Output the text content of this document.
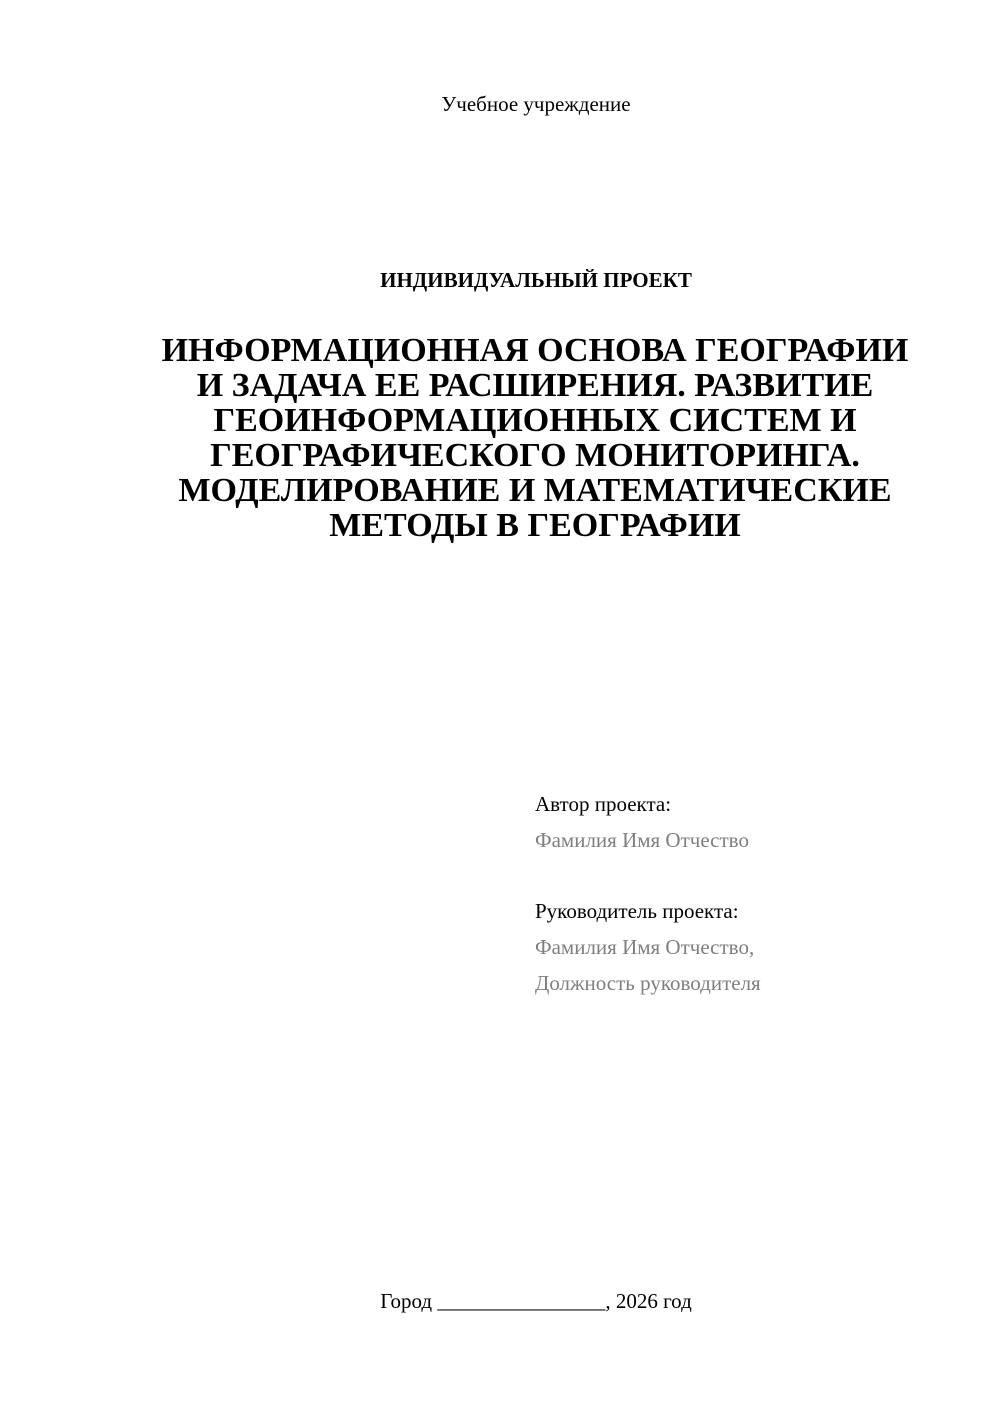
Учебное учреждение
ИНДИВИДУАЛЬНЫЙ ПРОЕКТ
ИНФОРМАЦИОННАЯ ОСНОВА ГЕОГРАФИИ И ЗАДАЧА ЕЕ РАСШИРЕНИЯ. РАЗВИТИЕ ГЕОИНФОРМАЦИОННЫХ СИСТЕМ И ГЕОГРАФИЧЕСКОГО МОНИТОРИНГА. МОДЕЛИРОВАНИЕ И МАТЕМАТИЧЕСКИЕ МЕТОДЫ В ГЕОГРАФИИ
Автор проекта:
Фамилия Имя Отчество
Руководитель проекта:
Фамилия Имя Отчество,
Должность руководителя
Город ________________, 2026 год
